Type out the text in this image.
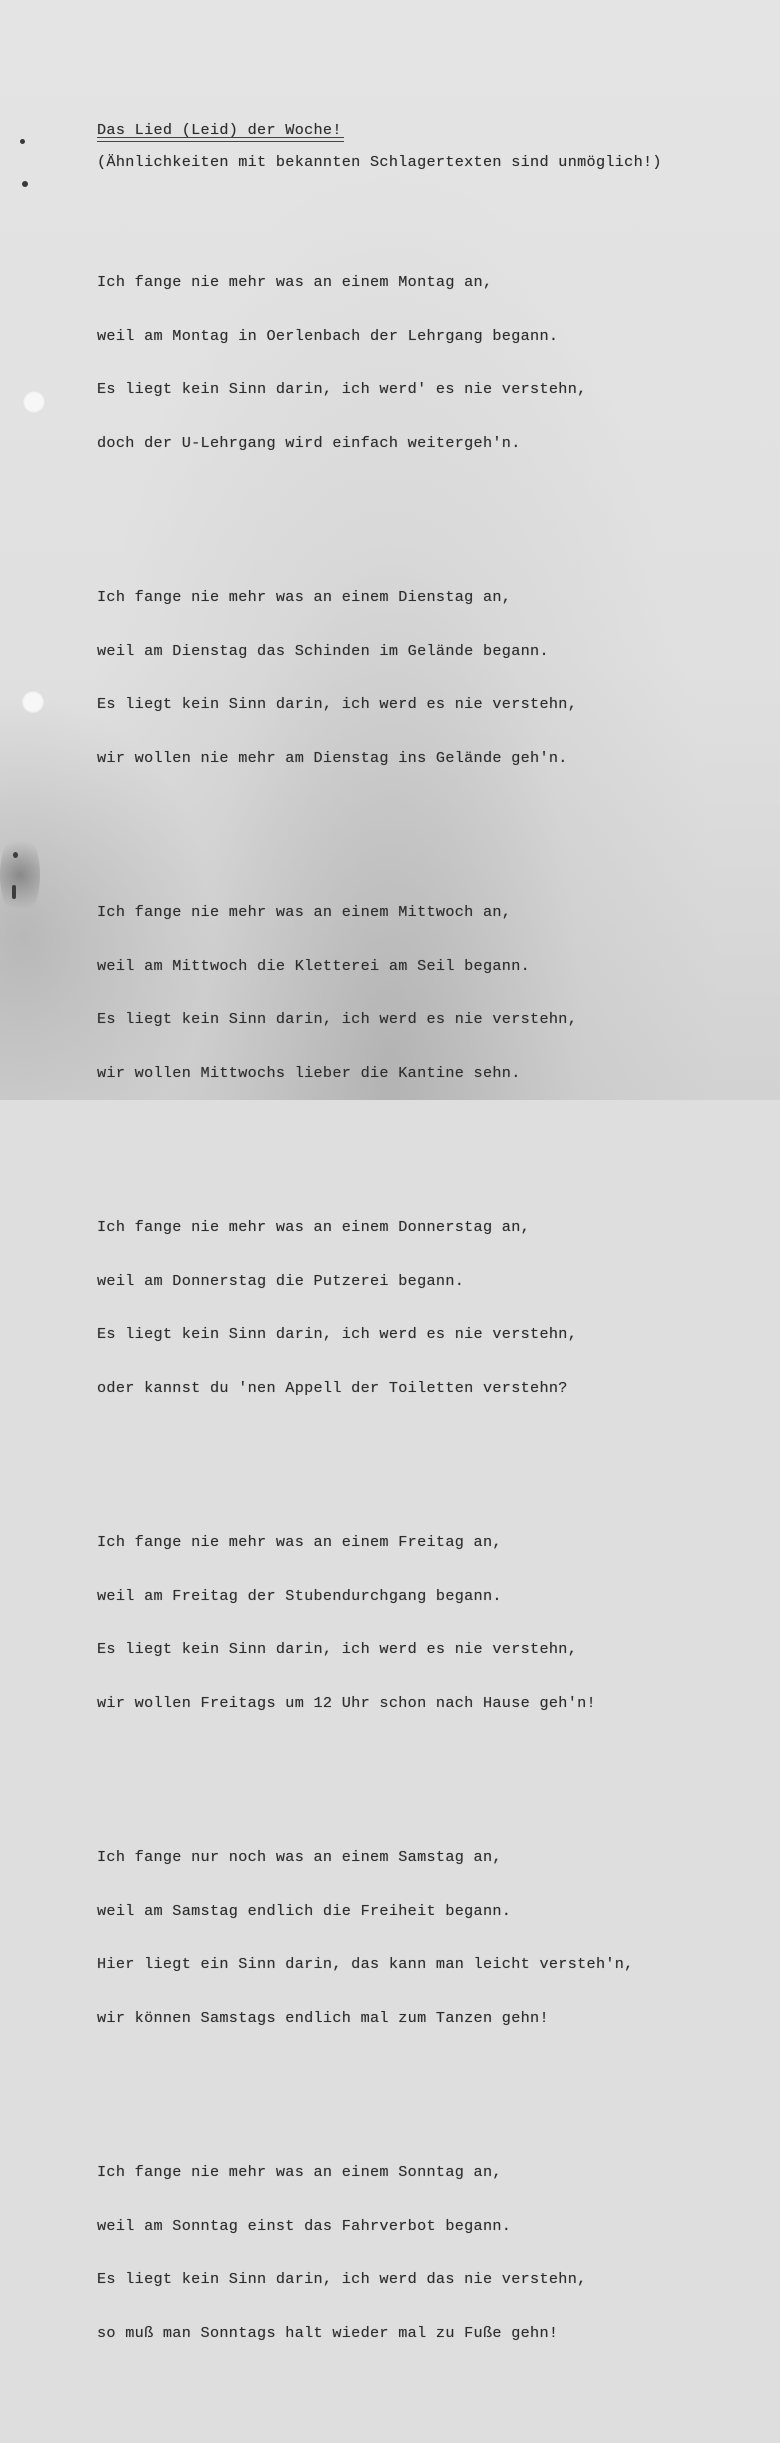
Das Lied (Leid) der Woche!
(Ähnlichkeiten mit bekannten Schlagertexten sind unmöglich!)

Ich fange nie mehr was an einem Montag an,

weil am Montag in Oerlenbach der Lehrgang begann.

Es liegt kein Sinn darin, ich werd' es nie verstehn,

doch der U-Lehrgang wird einfach weitergeh'n.

Ich fange nie mehr was an einem Dienstag an,

weil am Dienstag das Schinden im Gelände begann.

Es liegt kein Sinn darin, ich werd es nie verstehn,

wir wollen nie mehr am Dienstag ins Gelände geh'n.

Ich fange nie mehr was an einem Mittwoch an,

weil am Mittwoch die Kletterei am Seil begann.

Es liegt kein Sinn darin, ich werd es nie verstehn,

wir wollen Mittwochs lieber die Kantine sehn.

Ich fange nie mehr was an einem Donnerstag an,

weil am Donnerstag die Putzerei begann.

Es liegt kein Sinn darin, ich werd es nie verstehn,

oder kannst du 'nen Appell der Toiletten verstehn?

Ich fange nie mehr was an einem Freitag an,

weil am Freitag der Stubendurchgang begann.

Es liegt kein Sinn darin, ich werd es nie verstehn,

wir wollen Freitags um 12 Uhr schon nach Hause geh'n!

Ich fange nur noch was an einem Samstag an,

weil am Samstag endlich die Freiheit begann.

Hier liegt ein Sinn darin, das kann man leicht versteh'n,

wir können Samstags endlich mal zum Tanzen gehn!

Ich fange nie mehr was an einem Sonntag an,

weil am Sonntag einst das Fahrverbot begann.

Es liegt kein Sinn darin, ich werd das nie verstehn,

so muß man Sonntags halt wieder mal zu Fuße gehn!
